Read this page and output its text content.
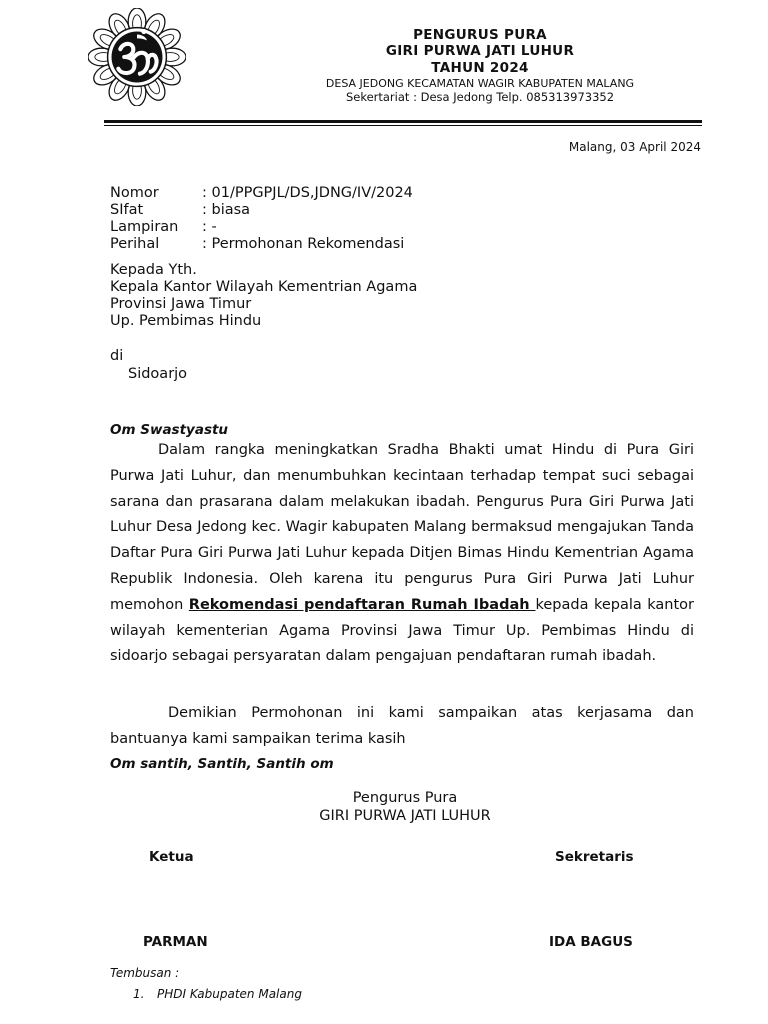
PENGURUS PURA
GIRI PURWA JATI LUHUR
TAHUN 2024
DESA JEDONG KECAMATAN WAGIR KABUPATEN MALANG
Sekertariat : Desa Jedong Telp. 085313973352
Malang, 03 April 2024
Nomor	: 01/PPGPJL/DS,JDNG/IV/2024
SIfat	: biasa
Lampiran : -
Perihal	: Permohonan Rekomendasi
Kepada Yth.
Kepala Kantor Wilayah Kementrian Agama
Provinsi Jawa Timur
Up. Pembimas Hindu
di
Sidoarjo
Om Swastyastu
Dalam rangka meningkatkan Sradha Bhakti umat Hindu di Pura Giri Purwa Jati Luhur, dan menumbuhkan kecintaan terhadap tempat suci sebagai sarana dan prasarana dalam melakukan ibadah. Pengurus Pura Giri Purwa Jati Luhur Desa Jedong kec. Wagir kabupaten Malang bermaksud mengajukan Tanda Daftar Pura Giri Purwa Jati Luhur kepada Ditjen Bimas Hindu Kementrian Agama Republik Indonesia. Oleh karena itu pengurus Pura Giri Purwa Jati Luhur memohon Rekomendasi pendaftaran Rumah Ibadah kepada kepala kantor wilayah kementerian Agama Provinsi Jawa Timur Up. Pembimas Hindu di sidoarjo sebagai persyaratan dalam pengajuan pendaftaran rumah ibadah.
Demikian Permohonan ini kami sampaikan atas kerjasama dan bantuanya kami sampaikan terima kasih
Om santih, Santih, Santih om
Pengurus Pura
GIRI PURWA JATI LUHUR
Ketua	Sekretaris
PARMAN	IDA BAGUS
Tembusan :
1. PHDI Kabupaten Malang
